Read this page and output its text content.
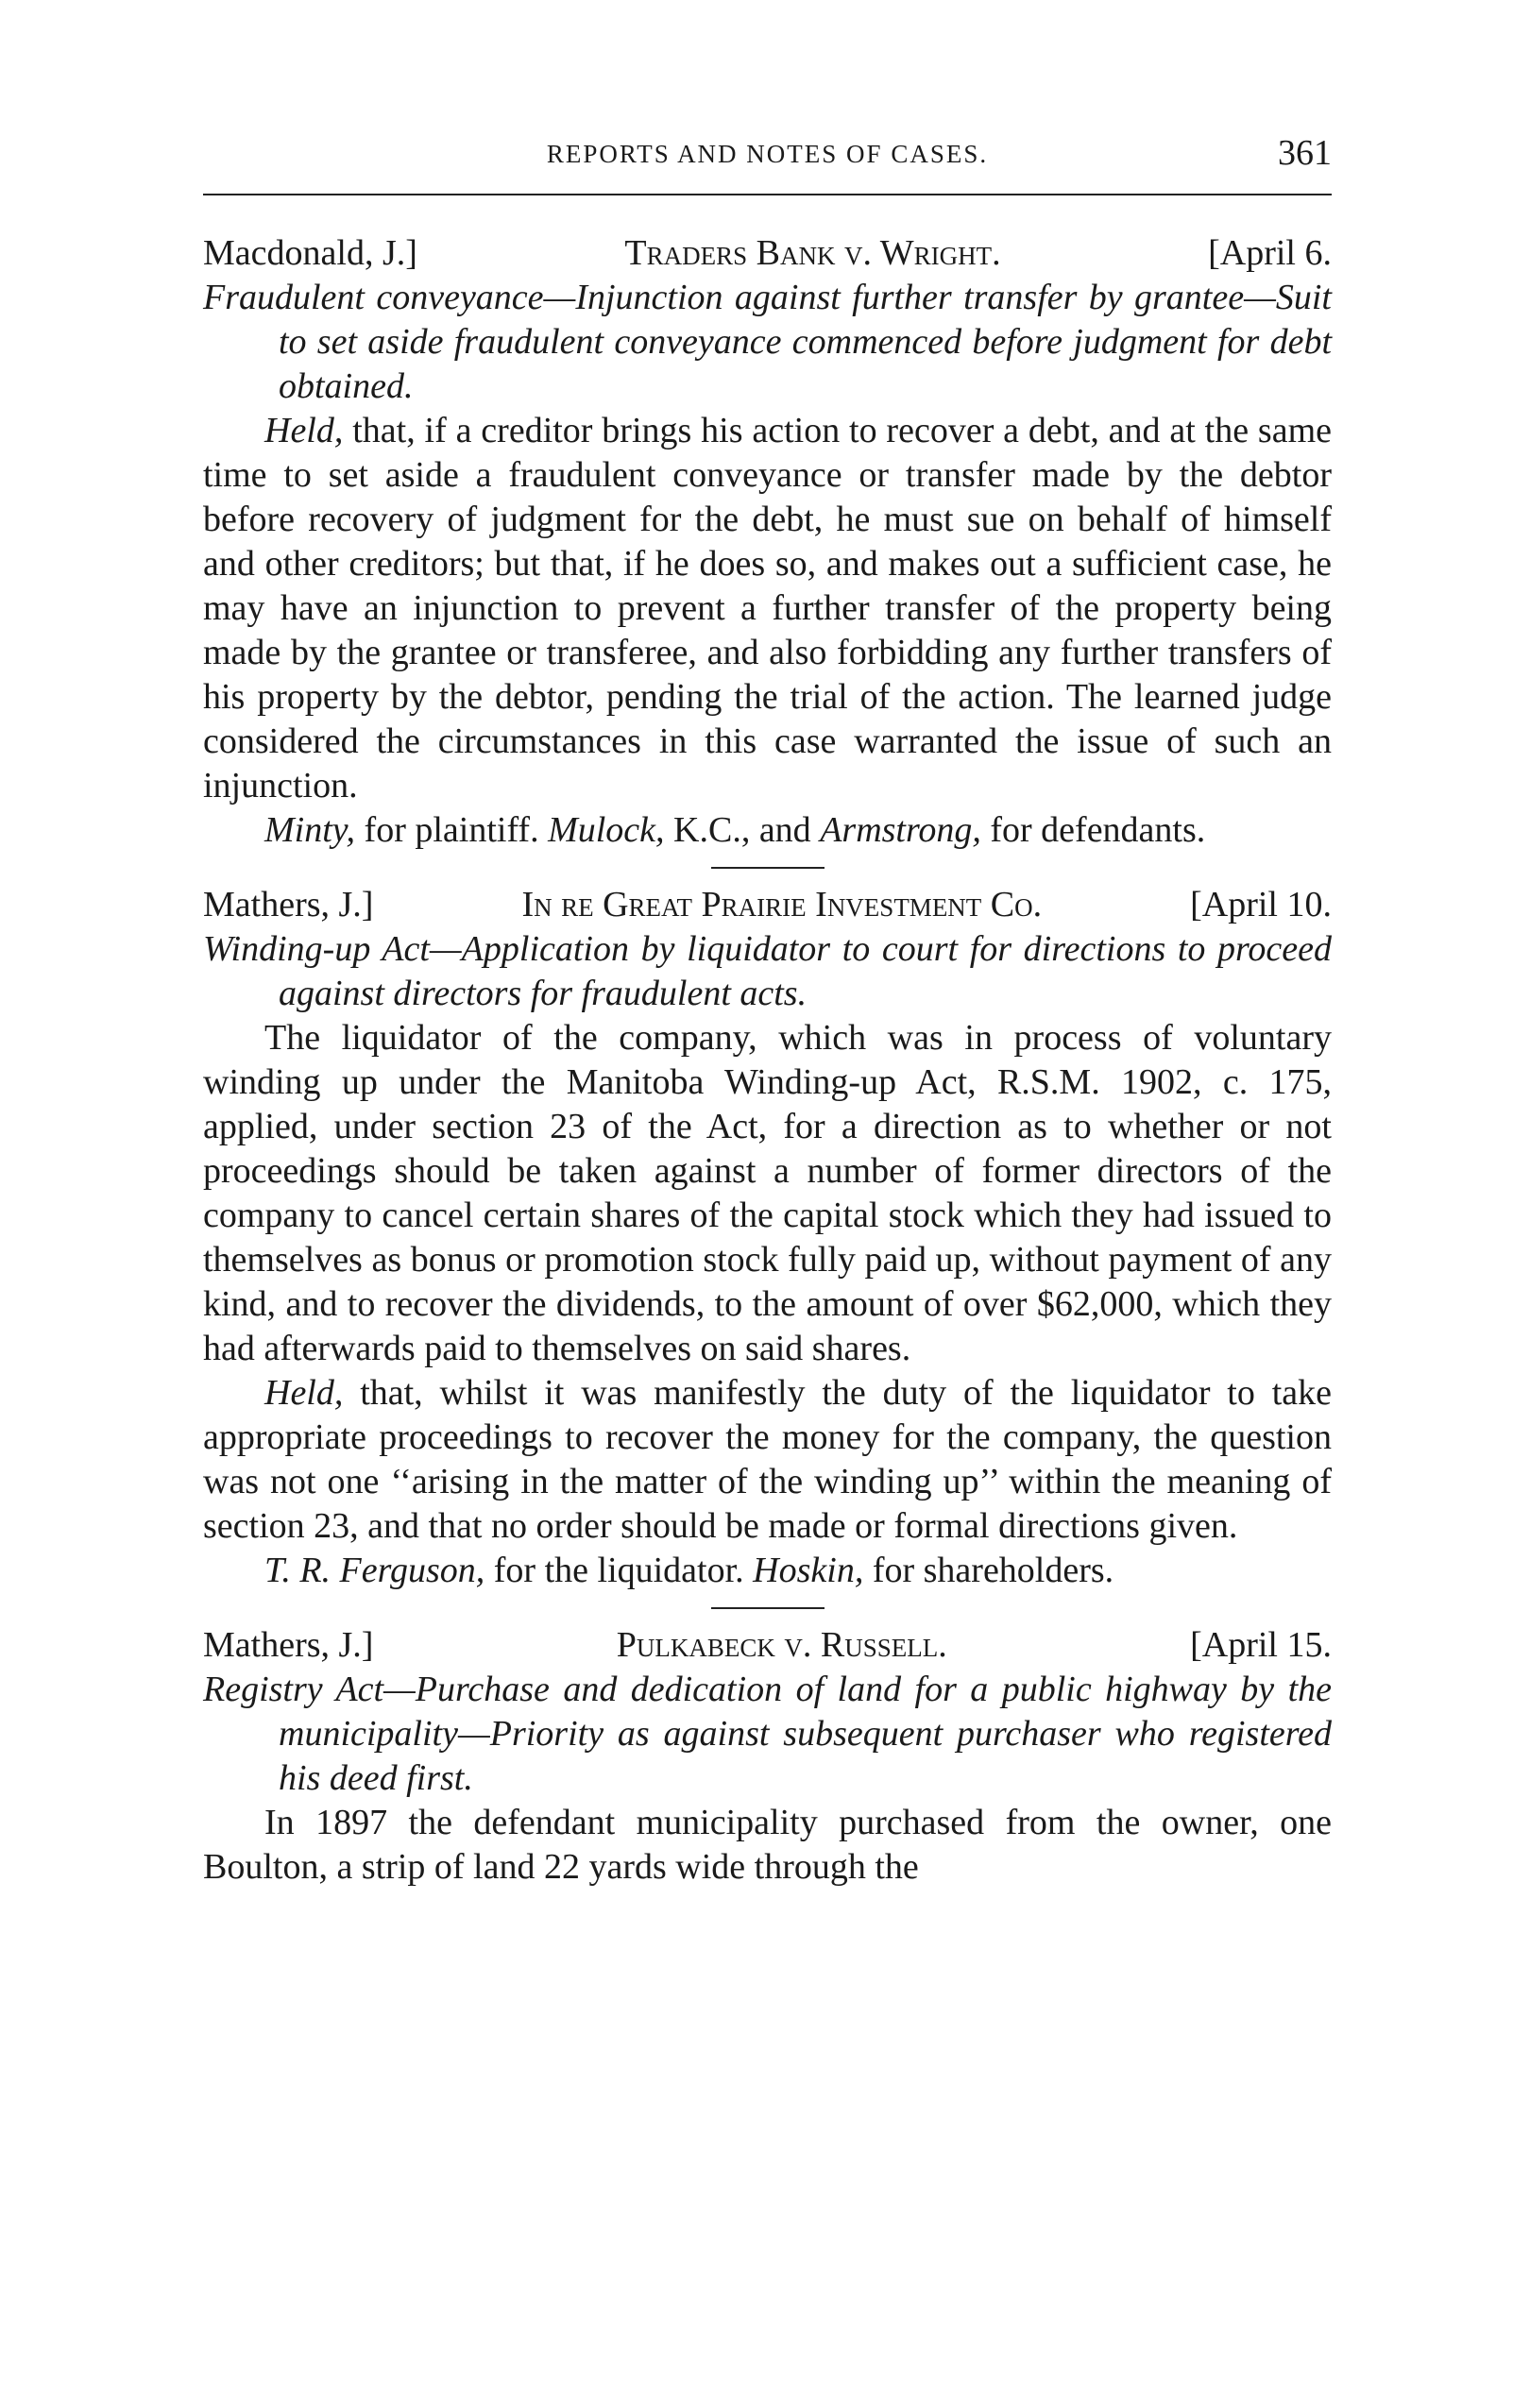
REPORTS AND NOTES OF CASES.	361
Macdonald, J.]	Traders Bank v. Wright.	[April 6.

Fraudulent conveyance—Injunction against further transfer by grantee—Suit to set aside fraudulent conveyance commenced before judgment for debt obtained.

Held, that, if a creditor brings his action to recover a debt, and at the same time to set aside a fraudulent conveyance or transfer made by the debtor before recovery of judgment for the debt, he must sue on behalf of himself and other creditors; but that, if he does so, and makes out a sufficient case, he may have an injunction to prevent a further transfer of the property being made by the grantee or transferee, and also forbidding any further transfers of his property by the debtor, pending the trial of the action. The learned judge considered the circumstances in this case warranted the issue of such an injunction.

Minty, for plaintiff. Mulock, K.C., and Armstrong, for defendants.

Mathers, J.]	In re Great Prairie Investment Co.	[April 10.

Winding-up Act—Application by liquidator to court for directions to proceed against directors for fraudulent acts.

The liquidator of the company, which was in process of voluntary winding up under the Manitoba Winding-up Act, R.S.M. 1902, c. 175, applied, under section 23 of the Act, for a direction as to whether or not proceedings should be taken against a number of former directors of the company to cancel certain shares of the capital stock which they had issued to themselves as bonus or promotion stock fully paid up, without payment of any kind, and to recover the dividends, to the amount of over $62,000, which they had afterwards paid to themselves on said shares.

Held, that, whilst it was manifestly the duty of the liquidator to take appropriate proceedings to recover the money for the company, the question was not one ‘‘arising in the matter of the winding up’’ within the meaning of section 23, and that no order should be made or formal directions given.

T. R. Ferguson, for the liquidator. Hoskin, for shareholders.

Mathers, J.]	Pulkabeck v. Russell.	[April 15.

Registry Act—Purchase and dedication of land for a public highway by the municipality—Priority as against subsequent purchaser who registered his deed first.

In 1897 the defendant municipality purchased from the owner, one Boulton, a strip of land 22 yards wide through the
